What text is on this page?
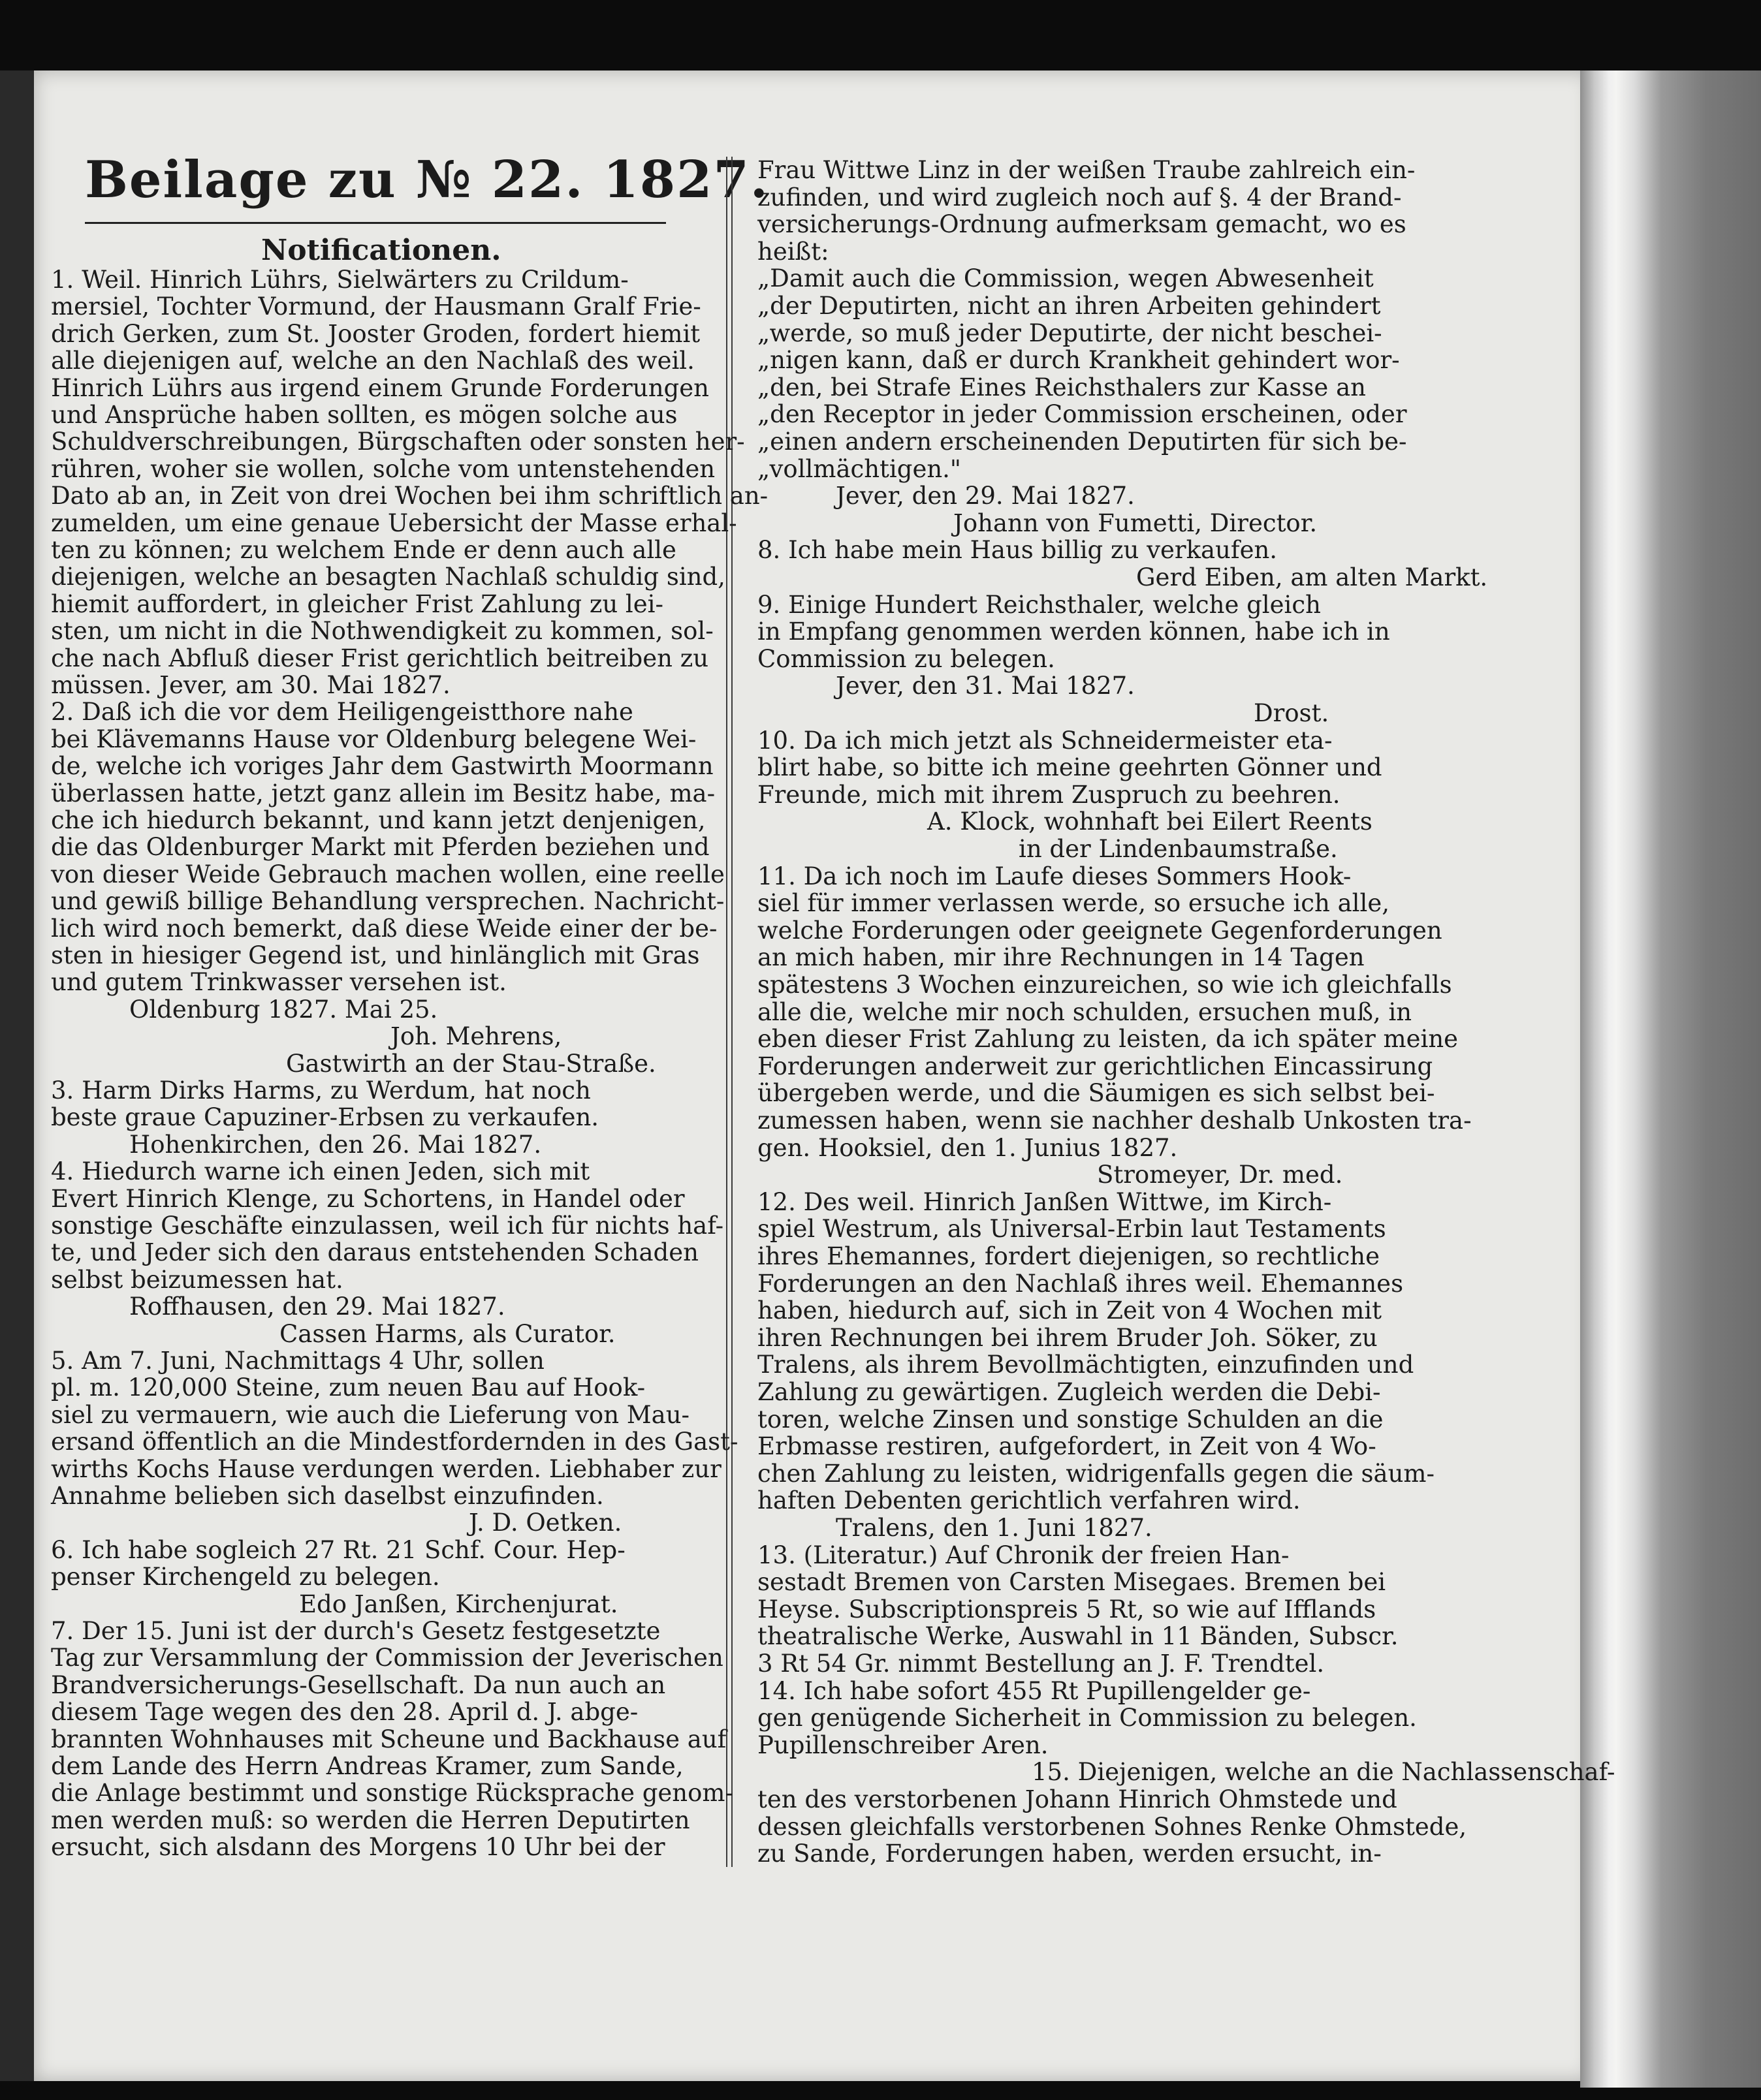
Beilage zu № 22. 1827.
Notificationen.
1. Weil. Hinrich Lührs, Sielwärters zu Crildum-
mersiel, Tochter Vormund, der Hausmann Gralf Frie-
drich Gerken, zum St. Jooster Groden, fordert hiemit
alle diejenigen auf, welche an den Nachlaß des weil.
Hinrich Lührs aus irgend einem Grunde Forderungen
und Ansprüche haben sollten, es mögen solche aus
Schuldverschreibungen, Bürgschaften oder sonsten her-
rühren, woher sie wollen, solche vom untenstehenden
Dato ab an, in Zeit von drei Wochen bei ihm schriftlich an-
zumelden, um eine genaue Uebersicht der Masse erhal-
ten zu können; zu welchem Ende er denn auch alle
diejenigen, welche an besagten Nachlaß schuldig sind,
hiemit auffordert, in gleicher Frist Zahlung zu lei-
sten, um nicht in die Nothwendigkeit zu kommen, sol-
che nach Abfluß dieser Frist gerichtlich beitreiben zu
müssen. Jever, am 30. Mai 1827.
2. Daß ich die vor dem Heiligengeistthore nahe
bei Klävemanns Hause vor Oldenburg belegene Wei-
de, welche ich voriges Jahr dem Gastwirth Moormann
überlassen hatte, jetzt ganz allein im Besitz habe, ma-
che ich hiedurch bekannt, und kann jetzt denjenigen,
die das Oldenburger Markt mit Pferden beziehen und
von dieser Weide Gebrauch machen wollen, eine reelle
und gewiß billige Behandlung versprechen. Nachricht-
lich wird noch bemerkt, daß diese Weide einer der be-
sten in hiesiger Gegend ist, und hinlänglich mit Gras
und gutem Trinkwasser versehen ist.
Oldenburg 1827. Mai 25.
Joh. Mehrens,
Gastwirth an der Stau-Straße.
3. Harm Dirks Harms, zu Werdum, hat noch
beste graue Capuziner-Erbsen zu verkaufen.
Hohenkirchen, den 26. Mai 1827.
4. Hiedurch warne ich einen Jeden, sich mit
Evert Hinrich Klenge, zu Schortens, in Handel oder
sonstige Geschäfte einzulassen, weil ich für nichts haf-
te, und Jeder sich den daraus entstehenden Schaden
selbst beizumessen hat.
Roffhausen, den 29. Mai 1827.
Cassen Harms, als Curator.
5. Am 7. Juni, Nachmittags 4 Uhr, sollen
pl. m. 120,000 Steine, zum neuen Bau auf Hook-
siel zu vermauern, wie auch die Lieferung von Mau-
ersand öffentlich an die Mindestfordernden in des Gast-
wirths Kochs Hause verdungen werden. Liebhaber zur
Annahme belieben sich daselbst einzufinden.
J. D. Oetken.
6. Ich habe sogleich 27 Rt. 21 Schf. Cour. Hep-
penser Kirchengeld zu belegen.
Edo Janßen, Kirchenjurat.
7. Der 15. Juni ist der durch's Gesetz festgesetzte
Tag zur Versammlung der Commission der Jeverischen
Brandversicherungs-Gesellschaft. Da nun auch an
diesem Tage wegen des den 28. April d. J. abge-
brannten Wohnhauses mit Scheune und Backhause auf
dem Lande des Herrn Andreas Kramer, zum Sande,
die Anlage bestimmt und sonstige Rücksprache genom-
men werden muß: so werden die Herren Deputirten
ersucht, sich alsdann des Morgens 10 Uhr bei der
Frau Wittwe Linz in der weißen Traube zahlreich ein-
zufinden, und wird zugleich noch auf §. 4 der Brand-
versicherungs-Ordnung aufmerksam gemacht, wo es
heißt:
„Damit auch die Commission, wegen Abwesenheit
„der Deputirten, nicht an ihren Arbeiten gehindert
„werde, so muß jeder Deputirte, der nicht beschei-
„nigen kann, daß er durch Krankheit gehindert wor-
„den, bei Strafe Eines Reichsthalers zur Kasse an
„den Receptor in jeder Commission erscheinen, oder
„einen andern erscheinenden Deputirten für sich be-
„vollmächtigen."
Jever, den 29. Mai 1827.
Johann von Fumetti, Director.
8. Ich habe mein Haus billig zu verkaufen.
Gerd Eiben, am alten Markt.
9. Einige Hundert Reichsthaler, welche gleich
in Empfang genommen werden können, habe ich in
Commission zu belegen.
Jever, den 31. Mai 1827.
Drost.
10. Da ich mich jetzt als Schneidermeister eta-
blirt habe, so bitte ich meine geehrten Gönner und
Freunde, mich mit ihrem Zuspruch zu beehren.
A. Klock, wohnhaft bei Eilert Reents
in der Lindenbaumstraße.
11. Da ich noch im Laufe dieses Sommers Hook-
siel für immer verlassen werde, so ersuche ich alle,
welche Forderungen oder geeignete Gegenforderungen
an mich haben, mir ihre Rechnungen in 14 Tagen
spätestens 3 Wochen einzureichen, so wie ich gleichfalls
alle die, welche mir noch schulden, ersuchen muß, in
eben dieser Frist Zahlung zu leisten, da ich später meine
Forderungen anderweit zur gerichtlichen Eincassirung
übergeben werde, und die Säumigen es sich selbst bei-
zumessen haben, wenn sie nachher deshalb Unkosten tra-
gen. Hooksiel, den 1. Junius 1827.
Stromeyer, Dr. med.
12. Des weil. Hinrich Janßen Wittwe, im Kirch-
spiel Westrum, als Universal-Erbin laut Testaments
ihres Ehemannes, fordert diejenigen, so rechtliche
Forderungen an den Nachlaß ihres weil. Ehemannes
haben, hiedurch auf, sich in Zeit von 4 Wochen mit
ihren Rechnungen bei ihrem Bruder Joh. Söker, zu
Tralens, als ihrem Bevollmächtigten, einzufinden und
Zahlung zu gewärtigen. Zugleich werden die Debi-
toren, welche Zinsen und sonstige Schulden an die
Erbmasse restiren, aufgefordert, in Zeit von 4 Wo-
chen Zahlung zu leisten, widrigenfalls gegen die säum-
haften Debenten gerichtlich verfahren wird.
Tralens, den 1. Juni 1827.
13. (Literatur.) Auf Chronik der freien Han-
sestadt Bremen von Carsten Misegaes. Bremen bei
Heyse. Subscriptionspreis 5 Rt, so wie auf Ifflands
theatralische Werke, Auswahl in 11 Bänden, Subscr.
3 Rt 54 Gr. nimmt Bestellung an J. F. Trendtel.
14. Ich habe sofort 455 Rt Pupillengelder ge-
gen genügende Sicherheit in Commission zu belegen.
Pupillenschreiber Aren.
15. Diejenigen, welche an die Nachlassenschaf-
ten des verstorbenen Johann Hinrich Ohmstede und
dessen gleichfalls verstorbenen Sohnes Renke Ohmstede,
zu Sande, Forderungen haben, werden ersucht, in-
